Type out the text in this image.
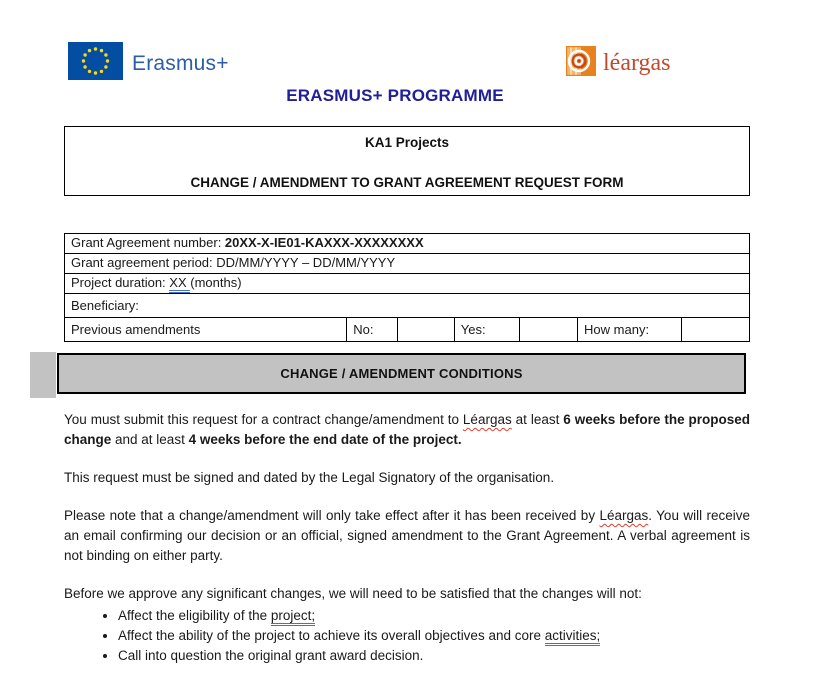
Erasmus+	léargas
ERASMUS+ PROGRAMME
KA1 Projects
CHANGE / AMENDMENT TO GRANT AGREEMENT REQUEST FORM
Grant Agreement number: 20XX-X-IE01-KAXXX-XXXXXXXX
Grant agreement period: DD/MM/YYYY – DD/MM/YYYY
Project duration: XX (months)
Beneficiary:
Previous amendments	No:		Yes:		How many:	
CHANGE / AMENDMENT CONDITIONS

You must submit this request for a contract change/amendment to Léargas at least 6 weeks before the proposed change and at least 4 weeks before the end date of the project.

This request must be signed and dated by the Legal Signatory of the organisation.

Please note that a change/amendment will only take effect after it has been received by Léargas. You will receive an email confirming our decision or an official, signed amendment to the Grant Agreement. A verbal agreement is not binding on either party.

Before we approve any significant changes, we will need to be satisfied that the changes will not:

• Affect the eligibility of the project;
• Affect the ability of the project to achieve its overall objectives and core activities;
• Call into question the original grant award decision.
